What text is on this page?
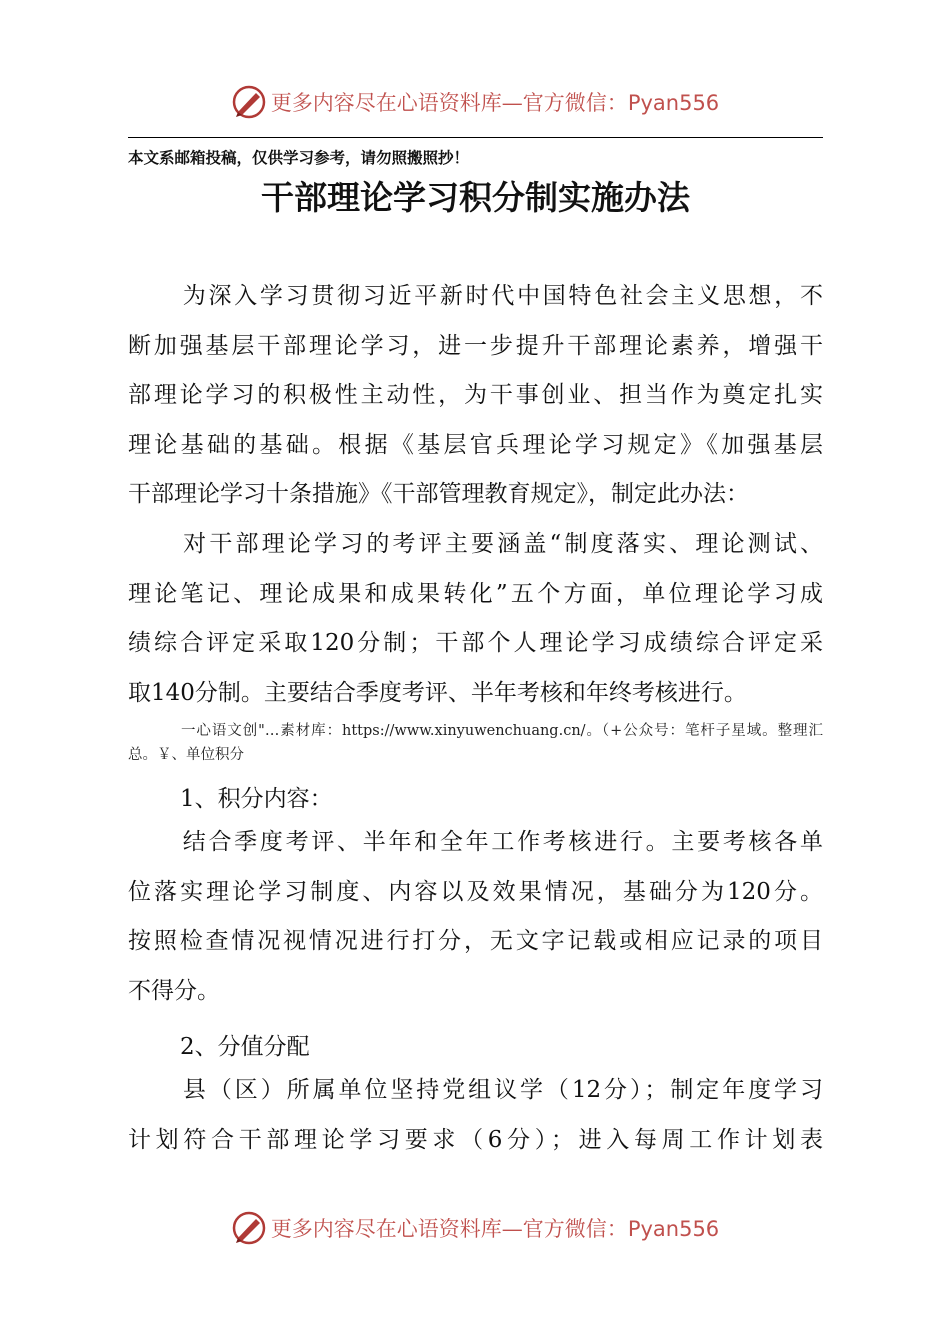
更多内容尽在心语资料库—官方微信：Pyan556
本文系邮箱投稿，仅供学习参考，请勿照搬照抄！
干部理论学习积分制实施办法
为深入学习贯彻习近平新时代中国特色社会主义思想，不
断加强基层干部理论学习，进一步提升干部理论素养，增强干
部理论学习的积极性主动性，为干事创业、担当作为奠定扎实
理论基础的基础。根据《基层官兵理论学习规定》《加强基层
干部理论学习十条措施》《干部管理教育规定》，制定此办法：
对干部理论学习的考评主要涵盖“制度落实、理论测试、
理论笔记、理论成果和成果转化”五个方面，单位理论学习成
绩综合评定采取120分制；干部个人理论学习成绩综合评定采
取140分制。主要结合季度考评、半年考核和年终考核进行。
一心语文创"…素材库：https://www.xinyuwenchuang.cn/。（+公众号：笔杆子星域。整理汇总。￥、单位积分
1、积分内容：
结合季度考评、半年和全年工作考核进行。主要考核各单
位落实理论学习制度、内容以及效果情况，基础分为120分。
按照检查情况视情况进行打分，无文字记载或相应记录的项目
不得分。
2、分值分配
县（区）所属单位坚持党组议学（12分）；制定年度学习
计划符合干部理论学习要求（6分）；进入每周工作计划表
更多内容尽在心语资料库—官方微信：Pyan556
